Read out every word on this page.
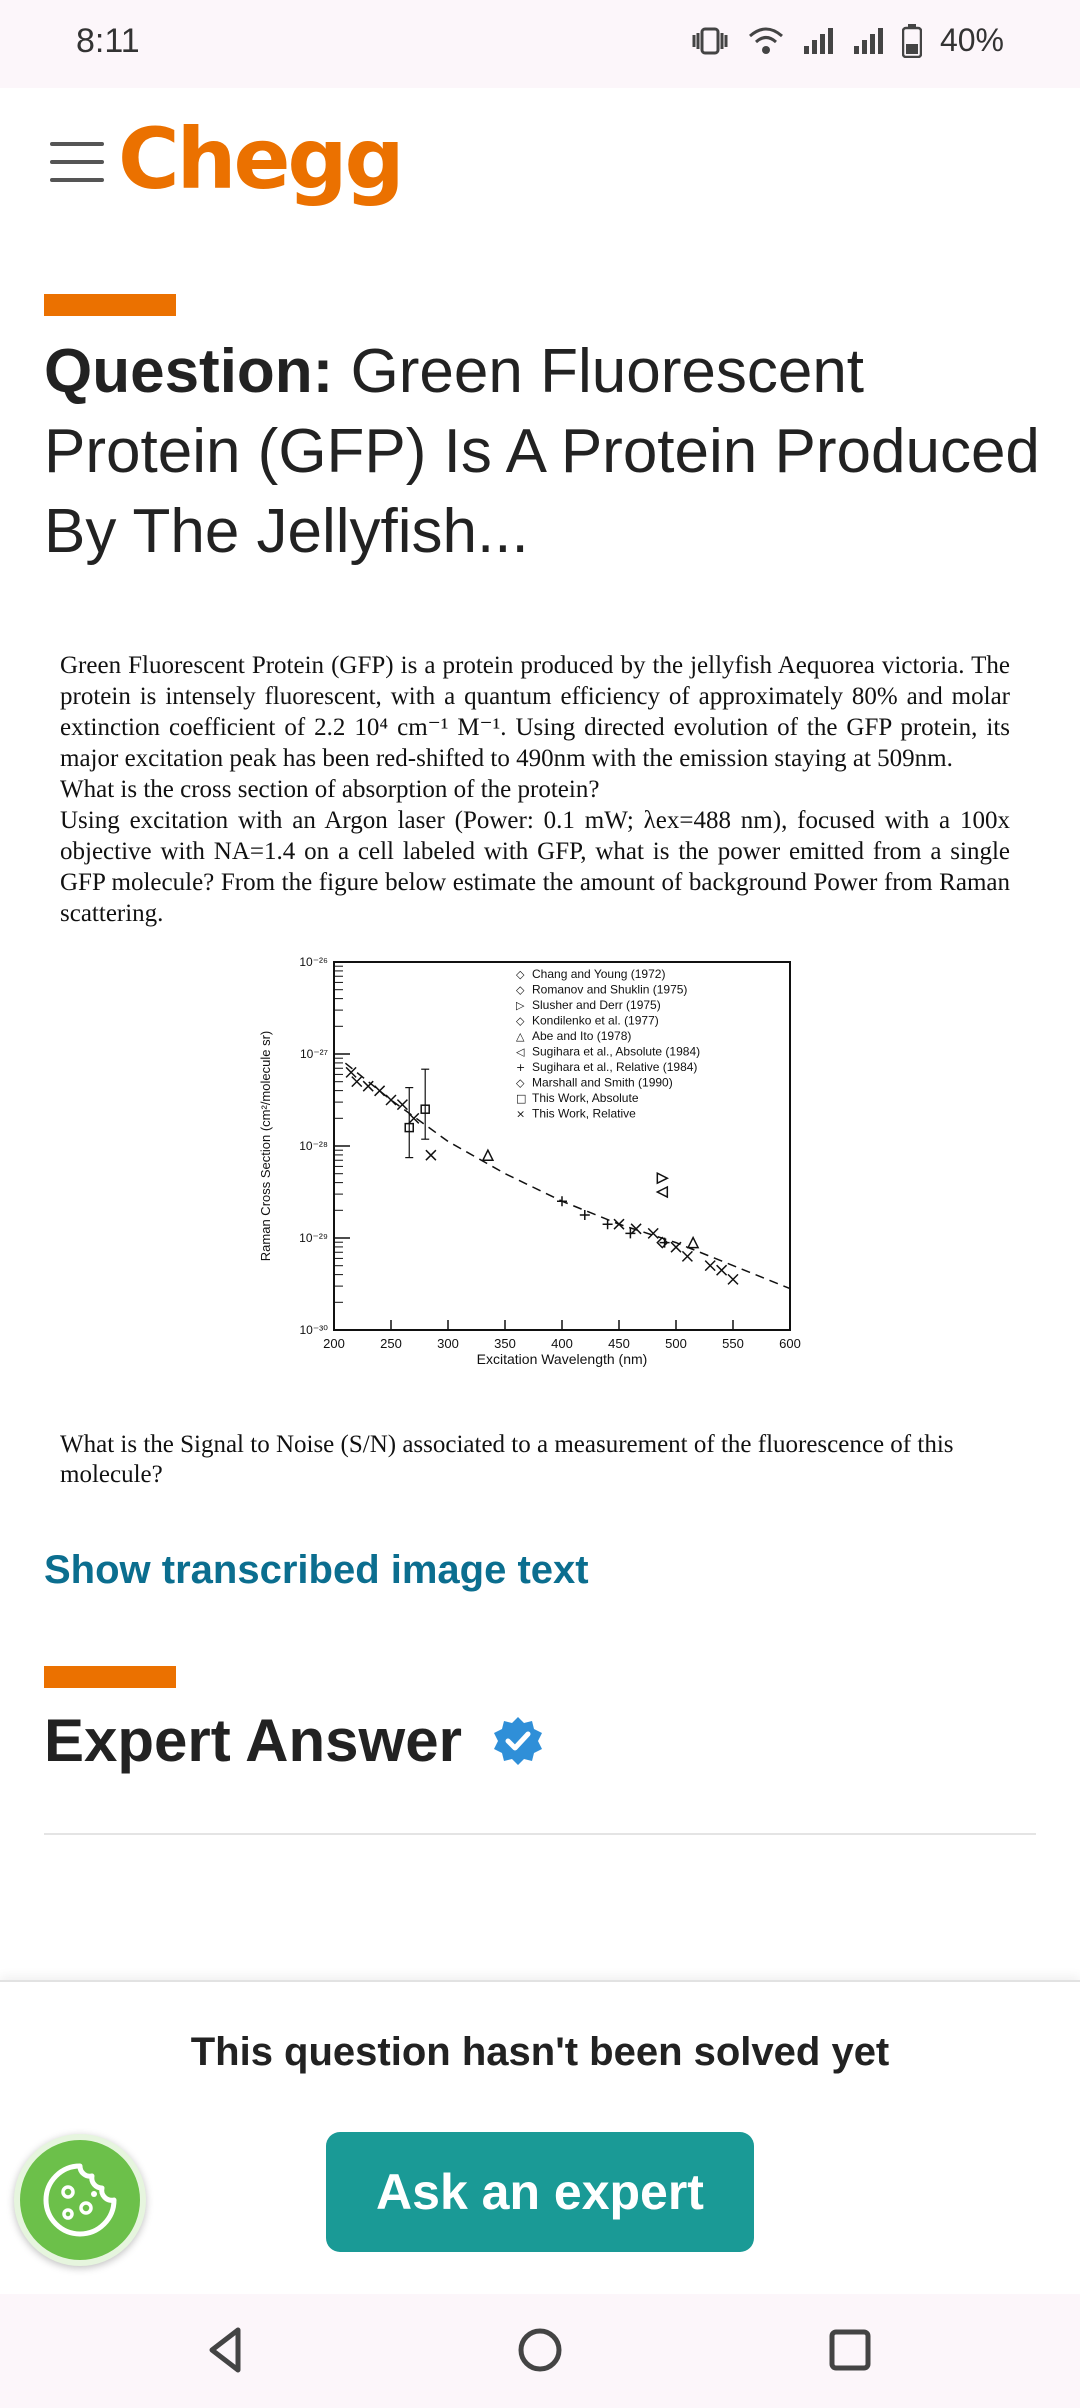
8:11	40%
Chegg
Question: Green Fluorescent Protein (GFP) Is A Protein Produced By The Jellyfish...

Green Fluorescent Protein (GFP) is a protein produced by the jellyfish Aequorea victoria. The protein is intensely fluorescent, with a quantum efficiency of approximately 80% and molar extinction coefficient of 2.2 10⁴ cm⁻¹ M⁻¹. Using directed evolution of the GFP protein, its major excitation peak has been red-shifted to 490nm with the emission staying at 509nm.

What is the cross section of absorption of the protein?

Using excitation with an Argon laser (Power: 0.1 mW; λex=488 nm), focused with a 100x objective with NA=1.4 on a cell labeled with GFP, what is the power emitted from a single GFP molecule? From the figure below estimate the amount of background Power from Raman scattering.

200	250	300	350	400	450	500	550	600
10⁻²⁶
10⁻²⁷
10⁻²⁸
10⁻²⁹
10⁻³⁰
◇ Chang and Young (1972)
◇ Romanov and Shuklin (1975)
▷ Slusher and Derr (1975)
◇ Kondilenko et al. (1977)
△ Abe and Ito (1978)
◁ Sugihara et al., Absolute (1984)
+ Sugihara et al., Relative (1984)
◇ Marshall and Smith (1990)
□ This Work, Absolute
× This Work, Relative
Excitation Wavelength (nm)
Raman Cross Section (cm²/molecule sr)
What is the Signal to Noise (S/N) associated to a measurement of the fluorescence of this molecule?
Show transcribed image text
Expert Answer
This question hasn't been solved yet
Ask an expert
